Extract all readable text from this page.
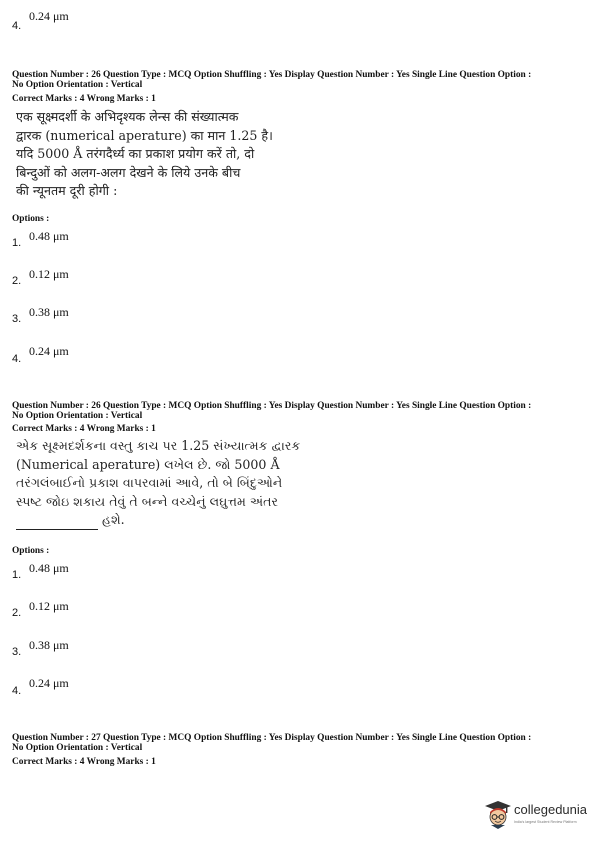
4.
0.24 μm
Question Number : 26 Question Type : MCQ Option Shuffling : Yes Display Question Number : Yes Single Line Question Option :
No Option Orientation : Vertical
Correct Marks : 4 Wrong Marks : 1
एक सूक्ष्मदर्शी के अभिदृश्यक लेन्स की संख्यात्मक
द्वारक (numerical aperature) का मान 1.25 है।
यदि 5000 Å तरंगदैर्ध्य का प्रकाश प्रयोग करें तो, दो
बिन्दुओं को अलग-अलग देखने के लिये उनके बीच
की न्यूनतम दूरी होगी :
Options :
1. 0.48 μm
2. 0.12 μm
3. 0.38 μm
4.
0.24 μm
Question Number : 26 Question Type : MCQ Option Shuffling : Yes Display Question Number : Yes Single Line Question Option :
No Option Orientation : Vertical
Correct Marks : 4 Wrong Marks : 1
એક સૂક્ષ્મદર્શકના વસ્તુ કાચ પર 1.25 સંખ્યાત્મક દ્વારક
(Numerical aperature) લખેલ છે. જો 5000 Å
તરંગલંબાઈનો પ્રકાશ વાપરવામાં આવે, તો બે બિંદુઓને
સ્પષ્ટ જોઇ શકાય તેવું તે બન્ને વચ્ચેનું લઘુત્તમ અંતર
હશે.
Options :
1. 0.48 μm
2. 0.12 μm
3. 0.38 μm
4.
0.24 μm
Question Number : 27 Question Type : MCQ Option Shuffling : Yes Display Question Number : Yes Single Line Question Option :
No Option Orientation : Vertical
Correct Marks : 4 Wrong Marks : 1
collegedunia
India's largest Student Review Platform
